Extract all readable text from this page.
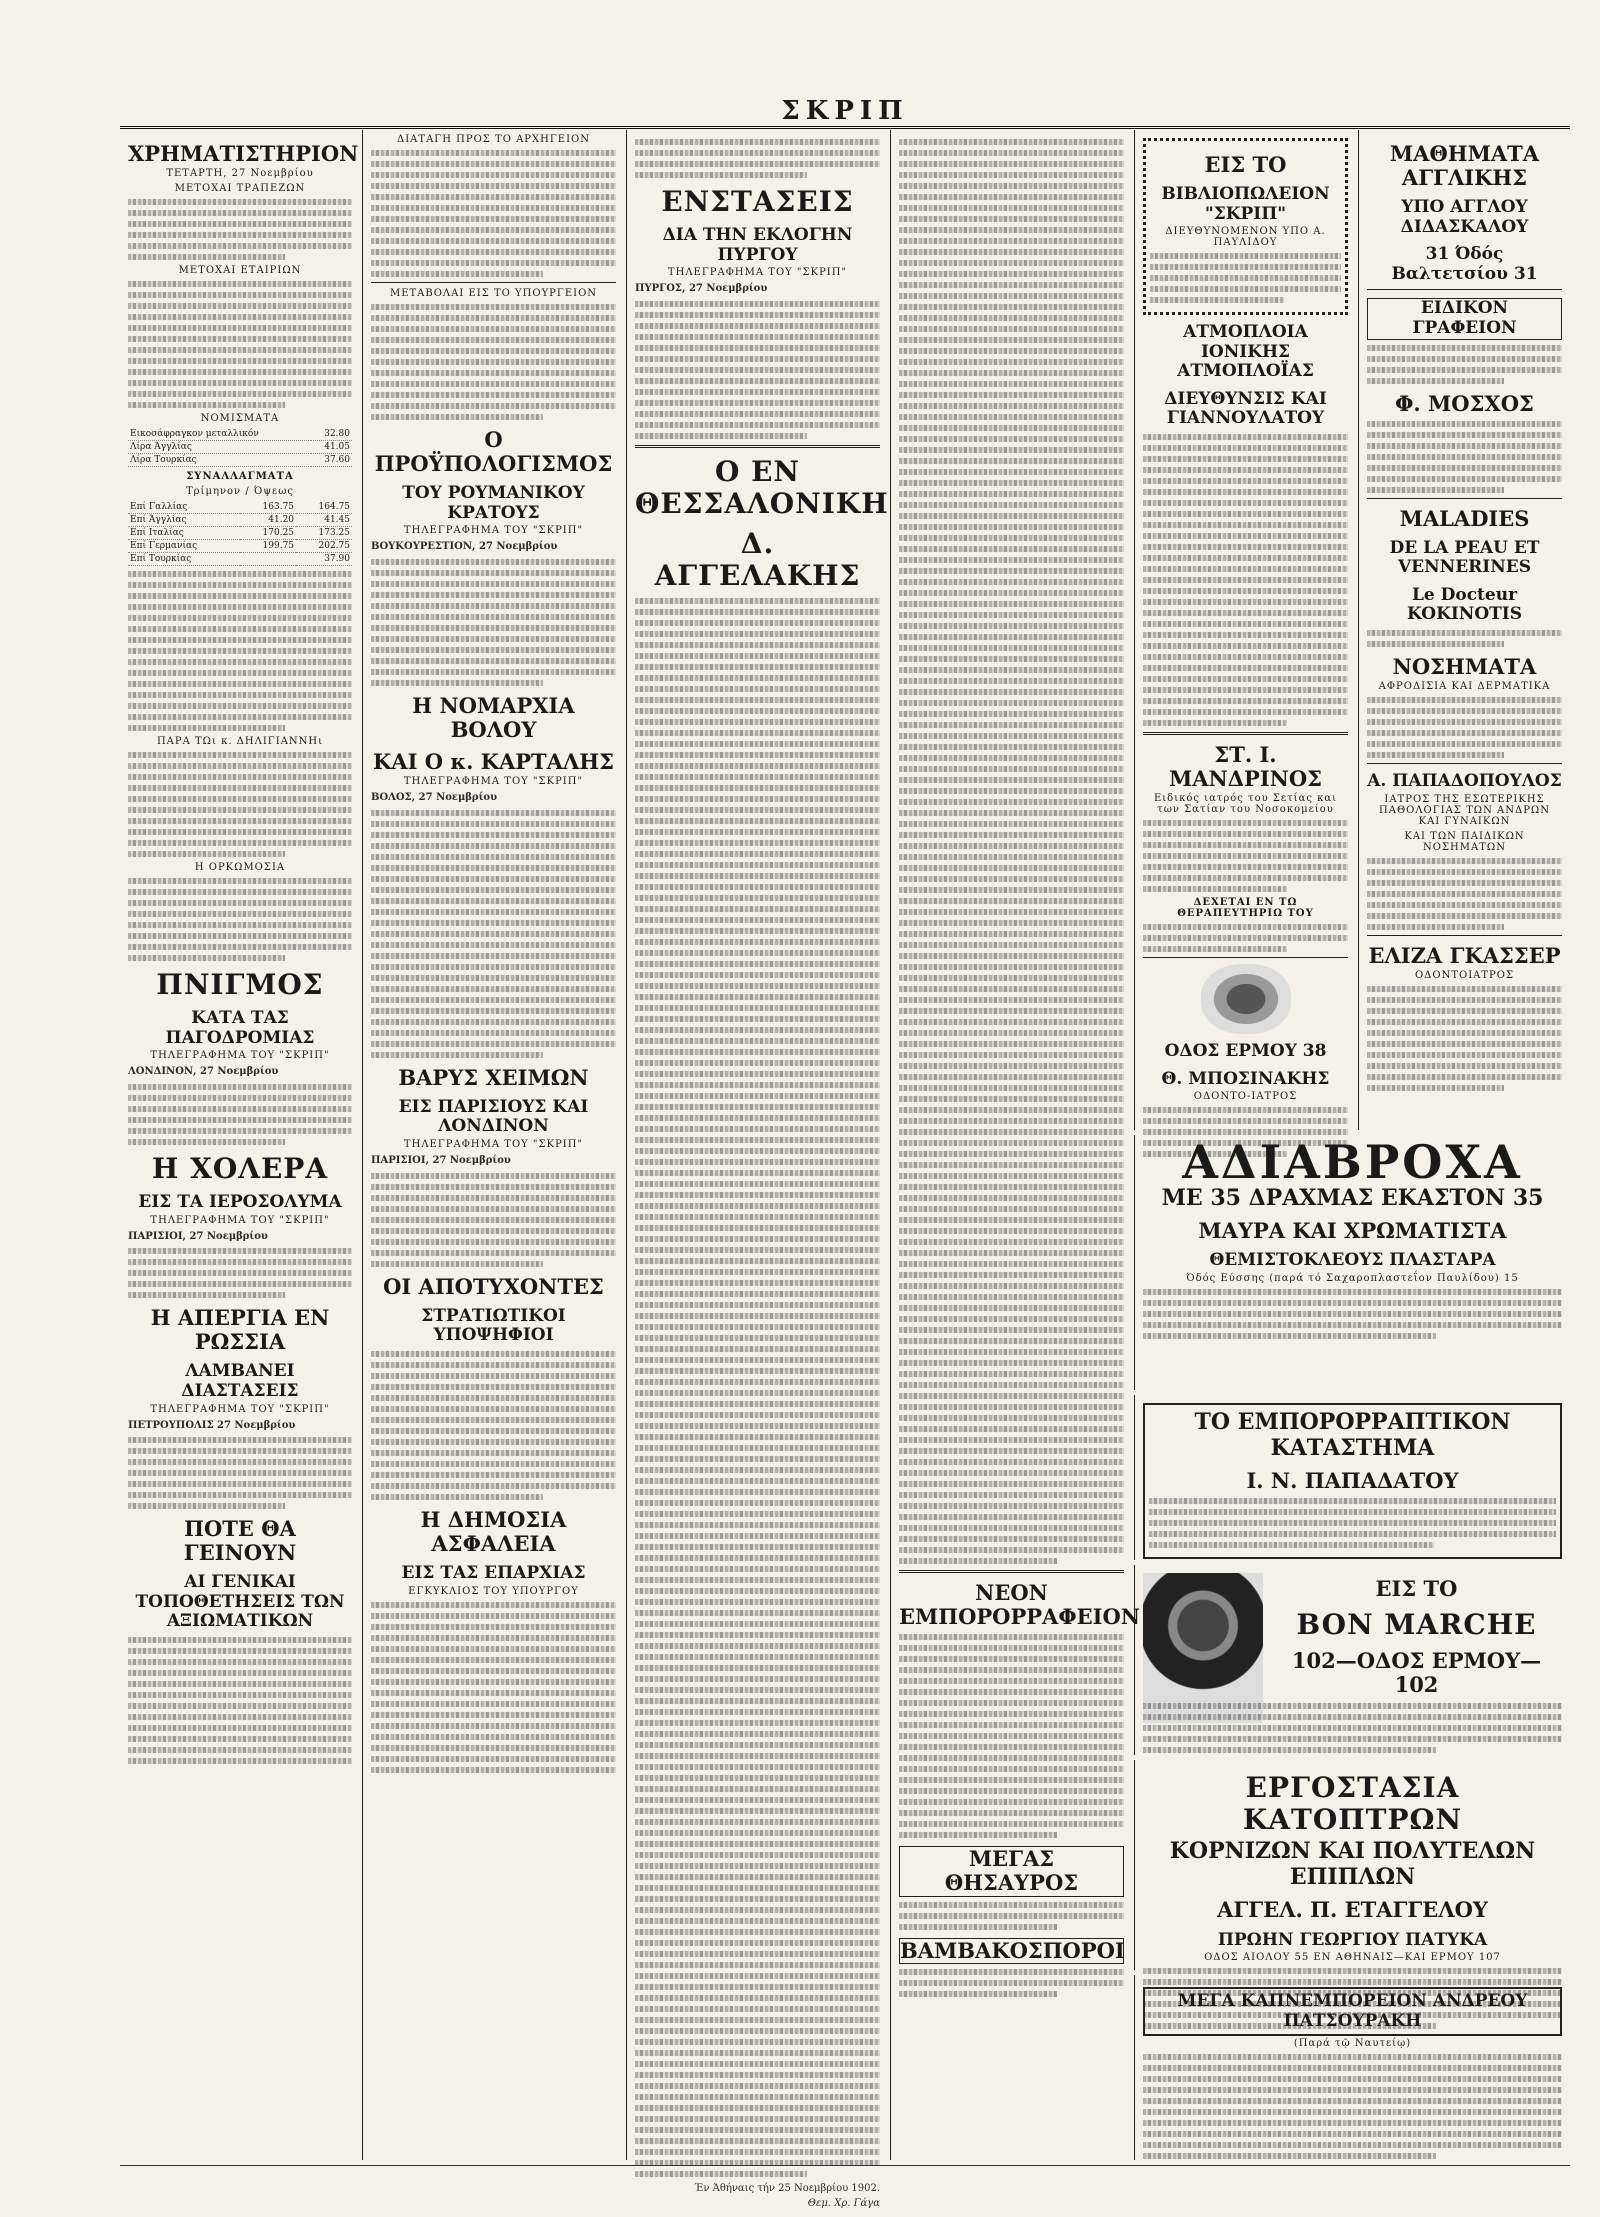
ΣΚΡΙΠ
ΧΡΗΜΑΤΙΣΤΗΡΙΟΝ
ΤΕΤΑΡΤΗ, 27 Νοεμβρίου
ΜΕΤΟΧΑΙ ΤΡΑΠΕΖΩΝ
ΜΕΤΟΧΑΙ ΕΤΑΙΡΙΩΝ
ΝΟΜΙΣΜΑΤΑ
Εικοσάφραγκον μεταλλικόν	32.80
Λίρα Άγγλίας	41.05
Λίρα Τουρκίας	37.60
ΣΥΝΑΛΛΑΓΜΑΤΑ
Τρίμηνον / Όψεως
Επί Γαλλίας	163.75	164.75
Επί Άγγλίας	41.20	41.45
Επί Ιταλίας	170.25	173.25
Επί Γερμανίας	199.75	202.75
Επί Τουρκίας		37.90
ΠΑΡΑ ΤΩι κ. ΔΗΛΙΓΙΑΝΝΗι
Η ΟΡΚΩΜΟΣΙΑ
ΠΝΙΓΜΟΣ
ΚΑΤΑ ΤΑΣ ΠΑΓΟΔΡΟΜΙΑΣ
ΤΗΛΕΓΡΑΦΗΜΑ ΤΟΥ "ΣΚΡΙΠ"
ΛΟΝΔΙΝΟΝ, 27 Νοεμβρίου
Η ΧΟΛΕΡΑ
ΕΙΣ ΤΑ ΙΕΡΟΣΟΛΥΜΑ
ΤΗΛΕΓΡΑΦΗΜΑ ΤΟΥ "ΣΚΡΙΠ"
ΠΑΡΙΣΙΟΙ, 27 Νοεμβρίου
Η ΑΠΕΡΓΙΑ ΕΝ ΡΩΣΣΙΑ
ΛΑΜΒΑΝΕΙ ΔΙΑΣΤΑΣΕΙΣ
ΤΗΛΕΓΡΑΦΗΜΑ ΤΟΥ "ΣΚΡΙΠ"
ΠΕΤΡΟΥΠΟΛΙΣ 27 Νοεμβρίου
ΠΟΤΕ ΘΑ ΓΕΙΝΟΥΝ
ΑΙ ΓΕΝΙΚΑΙ ΤΟΠΟΘΕΤΗΣΕΙΣ ΤΩΝ ΑΞΙΩΜΑΤΙΚΩΝ
ΔΙΑΤΑΓΗ ΠΡΟΣ ΤΟ ΑΡΧΗΓΕΙΟΝ
ΜΕΤΑΒΟΛΑΙ ΕΙΣ ΤΟ ΥΠΟΥΡΓΕΙΟΝ
Ο ΠΡΟΫΠΟΛΟΓΙΣΜΟΣ
ΤΟΥ ΡΟΥΜΑΝΙΚΟΥ ΚΡΑΤΟΥΣ
ΤΗΛΕΓΡΑΦΗΜΑ ΤΟΥ "ΣΚΡΙΠ"
ΒΟΥΚΟΥΡΕΣΤΙΟΝ, 27 Νοεμβρίου
Η ΝΟΜΑΡΧΙΑ ΒΟΛΟΥ
ΚΑΙ Ο κ. ΚΑΡΤΑΛΗΣ
ΤΗΛΕΓΡΑΦΗΜΑ ΤΟΥ "ΣΚΡΙΠ"
ΒΟΛΟΣ, 27 Νοεμβρίου
ΒΑΡΥΣ ΧΕΙΜΩΝ
ΕΙΣ ΠΑΡΙΣΙΟΥΣ ΚΑΙ ΛΟΝΔΙΝΟΝ
ΤΗΛΕΓΡΑΦΗΜΑ ΤΟΥ "ΣΚΡΙΠ"
ΠΑΡΙΣΙΟΙ, 27 Νοεμβρίου
ΟΙ ΑΠΟΤΥΧΟΝΤΕΣ
ΣΤΡΑΤΙΩΤΙΚΟΙ ΥΠΟΨΗΦΙΟΙ
Η ΔΗΜΟΣΙΑ ΑΣΦΑΛΕΙΑ
ΕΙΣ ΤΑΣ ΕΠΑΡΧΙΑΣ
ΕΓΚΥΚΛΙΟΣ ΤΟΥ ΥΠΟΥΡΓΟΥ
ΕΝΣΤΑΣΕΙΣ
ΔΙΑ ΤΗΝ ΕΚΛΟΓΗΝ ΠΥΡΓΟΥ
ΤΗΛΕΓΡΑΦΗΜΑ ΤΟΥ "ΣΚΡΙΠ"
ΠΥΡΓΟΣ, 27 Νοεμβρίου
Ο ΕΝ ΘΕΣΣΑΛΟΝΙΚΗ
Δ. ΑΓΓΕΛΑΚΗΣ
Έν Άθήναις τήν 25 Νοεμβρίου 1902.
Θεμ. Χρ. Γάγα
ΝΕΟΝ ΕΜΠΟΡΟΡΡΑΦΕΙΟΝ
ΜΕΓΑΣ ΘΗΣΑΥΡΟΣ
ΒΑΜΒΑΚΟΣΠΟΡΟΙ
ΕΙΣ ΤΟ
ΒΙΒΛΙΟΠΩΛΕΙΟΝ "ΣΚΡΙΠ"
ΔΙΕΥΘΥΝΟΜΕΝΟΝ ΥΠΟ Α. ΠΑΥΛΙΔΟΥ
ΑΤΜΟΠΛΟΙΑ ΙΟΝΙΚΗΣ ΑΤΜΟΠΛΟΪΑΣ
ΔΙΕΥΘΥΝΣΙΣ ΚΑΙ ΓΙΑΝΝΟΥΛΑΤΟΥ
ΣΤ. Ι. ΜΑΝΔΡΙΝΟΣ
Ειδικός ιατρός του Σετίας και των Σατίαν του Νοσοκομείου
ΔΕΧΕΤΑΙ ΕΝ ΤΩ ΘΕΡΑΠΕΥΤΗΡΙΩ ΤΟΥ
ΟΔΟΣ ΕΡΜΟΥ 38
Θ. ΜΠΟΣΙΝΑΚΗΣ
ΟΔΟΝΤΟ-ΙΑΤΡΟΣ
ΜΑΘΗΜΑΤΑ ΑΓΓΛΙΚΗΣ
ΥΠΟ ΑΓΓΛΟΥ ΔΙΔΑΣΚΑΛΟΥ
31 Όδός Βαλτετσίου 31
ΕΙΔΙΚΟΝ ΓΡΑΦΕΙΟΝ
Φ. ΜΟΣΧΟΣ
MALADIES
DE LA PEAU ET VENNERINES
Le Docteur KOKINOTIS
ΝΟΣΗΜΑΤΑ
ΑΦΡΟΔΙΣΙΑ ΚΑΙ ΔΕΡΜΑΤΙΚΑ
Α. ΠΑΠΑΔΟΠΟΥΛΟΣ
ΙΑΤΡΟΣ ΤΗΣ ΕΣΩΤΕΡΙΚΗΣ ΠΑΘΟΛΟΓΙΑΣ ΤΩΝ ΑΝΔΡΩΝ ΚΑΙ ΓΥΝΑΙΚΩΝ
ΚΑΙ ΤΩΝ ΠΑΙΔΙΚΩΝ ΝΟΣΗΜΑΤΩΝ
ΕΛΙΖΑ ΓΚΑΣΣΕΡ
ΟΔΟΝΤΟΙΑΤΡΟΣ
ΑΔΙΑΒΡΟΧΑ
ΜΕ 35 ΔΡΑΧΜΑΣ ΕΚΑΣΤΟΝ 35
ΜΑΥΡΑ ΚΑΙ ΧΡΩΜΑΤΙΣΤΑ
ΘΕΜΙΣΤΟΚΛΕΟΥΣ ΠΛΑΣΤΑΡΑ
Όδός Εύσσης (παρά τό Σαχαροπλαστεΐον Παυλίδου) 15
ΤΟ ΕΜΠΟΡΟΡΡΑΠΤΙΚΟΝ ΚΑΤΑΣΤΗΜΑ
Ι. Ν. ΠΑΠΑΔΑΤΟΥ
ΕΙΣ ΤΟ
BON MARCHE
102—ΟΔΟΣ ΕΡΜΟΥ—102
ΕΡΓΟΣΤΑΣΙΑ ΚΑΤΟΠΤΡΩΝ
ΚΟΡΝΙΖΩΝ ΚΑΙ ΠΟΛΥΤΕΛΩΝ ΕΠΙΠΛΩΝ
ΑΓΓΕΛ. Π. ΕΤΑΓΓΕΛΟΥ
ΠΡΩΗΝ ΓΕΩΡΓΙΟΥ ΠΑΤΥΚΑ
ΟΔΟΣ ΑΙΟΛΟΥ 55 ΕΝ ΑΘΗΝΑΙΣ—ΚΑΙ ΕΡΜΟΥ 107
ΜΕΓΑ ΚΑΠΝΕΜΠΟΡΕΙΟΝ ΑΝΔΡΕΟΥ ΠΑΤΣΟΥΡΑΚΗ
(Παρά τῷ Ναυτείῳ)
